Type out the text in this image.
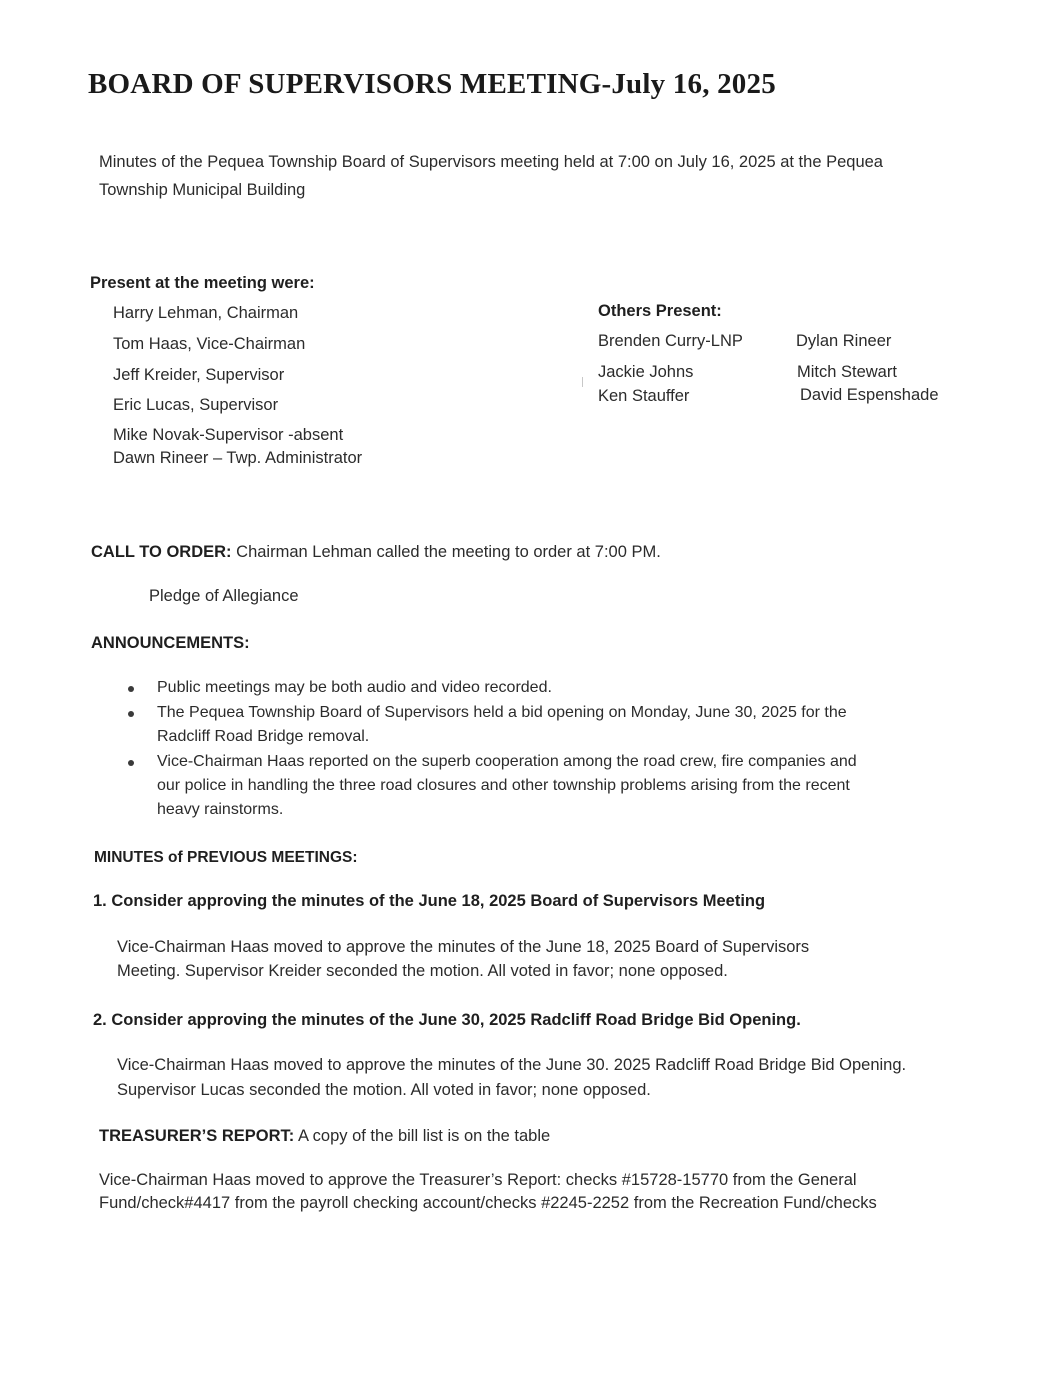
BOARD OF SUPERVISORS MEETING-July 16, 2025
Minutes of the Pequea Township Board of Supervisors meeting held at 7:00 on July 16, 2025 at the Pequea
Township Municipal Building
Present at the meeting were:
Harry Lehman, Chairman
Tom Haas, Vice-Chairman
Jeff Kreider, Supervisor
Eric Lucas, Supervisor
Mike Novak-Supervisor -absent
Dawn Rineer – Twp. Administrator
Others Present:
Brenden Curry-LNP
Jackie Johns
Ken Stauffer
Dylan Rineer
Mitch Stewart
David Espenshade
CALL TO ORDER: Chairman Lehman called the meeting to order at 7:00 PM.
Pledge of Allegiance
ANNOUNCEMENTS:
Public meetings may be both audio and video recorded.
The Pequea Township Board of Supervisors held a bid opening on Monday, June 30, 2025 for the
Radcliff Road Bridge removal.
Vice-Chairman Haas reported on the superb cooperation among the road crew, fire companies and
our police in handling the three road closures and other township problems arising from the recent
heavy rainstorms.
MINUTES of PREVIOUS MEETINGS:
1. Consider approving the minutes of the June 18, 2025 Board of Supervisors Meeting
Vice-Chairman Haas moved to approve the minutes of the June 18, 2025 Board of Supervisors
Meeting. Supervisor Kreider seconded the motion. All voted in favor; none opposed.
2. Consider approving the minutes of the June 30, 2025 Radcliff Road Bridge Bid Opening.
Vice-Chairman Haas moved to approve the minutes of the June 30. 2025 Radcliff Road Bridge Bid Opening.
Supervisor Lucas seconded the motion. All voted in favor; none opposed.
TREASURER’S REPORT: A copy of the bill list is on the table
Vice-Chairman Haas moved to approve the Treasurer’s Report: checks #15728-15770 from the General
Fund/check#4417 from the payroll checking account/checks #2245-2252 from the Recreation Fund/checks
